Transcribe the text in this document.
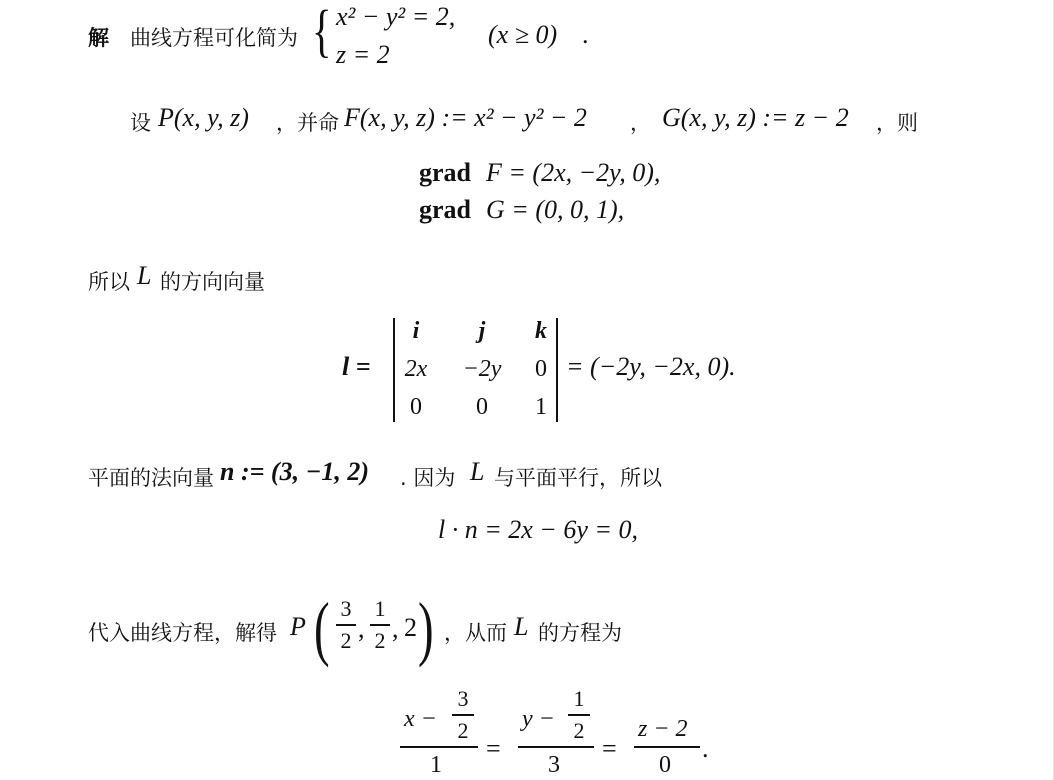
解 曲线方程可化简为 { x² − y² = 2,
z = 2
(x ≥ 0) .
设 P(x, y, z) ，并命 F(x, y, z) := x² − y² − 2 ， G(x, y, z) := z − 2 ，则
grad F = (2x, −2y, 0),
grad G = (0, 0, 1),
所以 L 的方向向量
l =
i	j	k
2x	−2y	0
0	0	1
= (−2y, −2x, 0).
平面的法向量 n := (3, −1, 2) . 因为 L 与平面平行，所以
l · n = 2x − 6y = 0,
代入曲线方程，解得 P ( 3
2 ,
1
2 , 2 ) ，从而 L 的方程为
x −
3
2
1
=
y −
1
2
3
=
z − 2
0
.
